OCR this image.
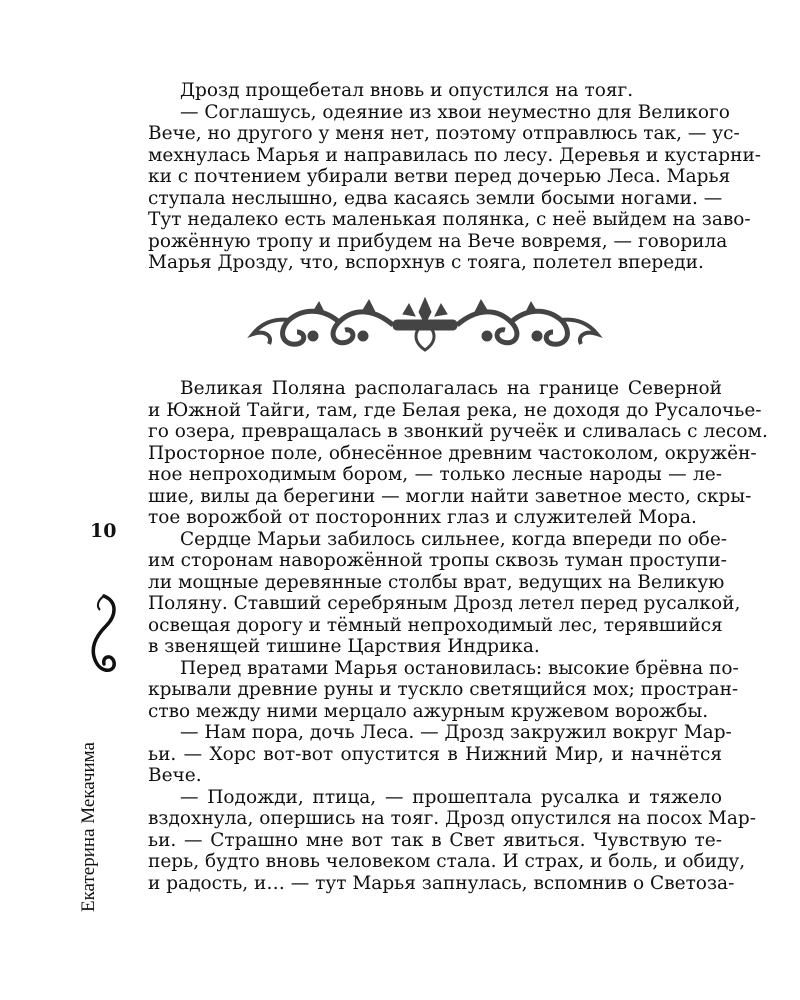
Дрозд прощебетал вновь и опустился на тояг.
— Соглашусь, одеяние из хвои неуместно для Великого
Вече, но другого у меня нет, поэтому отправлюсь так, — ус-
мехнулась Марья и направилась по лесу. Деревья и кустарни-
ки с почтением убирали ветви перед дочерью Леса. Марья
ступала неслышно, едва касаясь земли босыми ногами. —
Тут недалеко есть маленькая полянка, с неё выйдем на заво-
рожённую тропу и прибудем на Вече вовремя, — говорила
Марья Дрозду, что, вспорхнув с тояга, полетел впереди.
Великая Поляна располагалась на границе Северной
и Южной Тайги, там, где Белая река, не доходя до Русалочье-
го озера, превращалась в звонкий ручеёк и сливалась с лесом.
Просторное поле, обнесённое древним частоколом, окружён-
ное непроходимым бором, — только лесные народы — ле-
шие, вилы да берегини — могли найти заветное место, скры-
тое ворожбой от посторонних глаз и служителей Мора.
Сердце Марьи забилось сильнее, когда впереди по обе-
им сторонам наворожённой тропы сквозь туман проступи-
ли мощные деревянные столбы врат, ведущих на Великую
Поляну. Ставший серебряным Дрозд летел перед русалкой,
освещая дорогу и тёмный непроходимый лес, терявшийся
в звенящей тишине Царствия Индрика.
Перед вратами Марья остановилась: высокие брёвна по-
крывали древние руны и тускло светящийся мох; простран-
ство между ними мерцало ажурным кружевом ворожбы.
— Нам пора, дочь Леса. — Дрозд закружил вокруг Мар-
ьи. — Хорс вот-вот опустится в Нижний Мир, и начнётся
Вече.
— Подожди, птица, — прошептала русалка и тяжело
вздохнула, опершись на тояг. Дрозд опустился на посох Мар-
ьи. — Страшно мне вот так в Свет явиться. Чувствую те-
перь, будто вновь человеком стала. И страх, и боль, и обиду,
и радость, и… — тут Марья запнулась, вспомнив о Светоза-
10
Екатерина Мекачима
